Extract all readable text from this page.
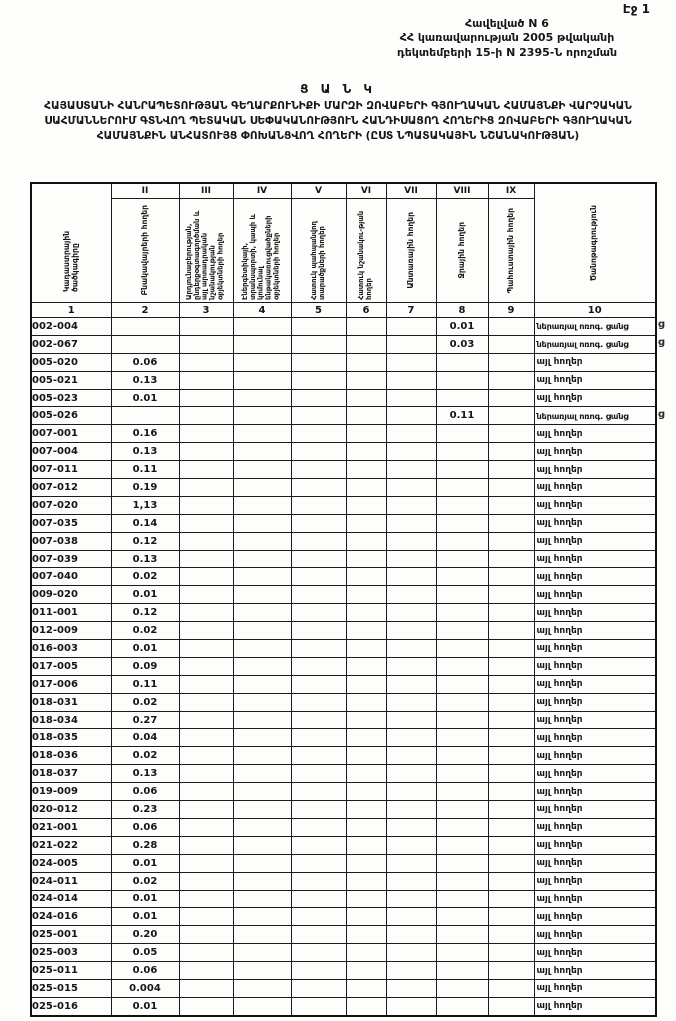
Էջ 1
Հավելված N 6
ՀՀ կառավարության 2005 թվականի
դեկտեմբերի 15-ի N 2395-Ն որոշման
Ց Ա Ն Կ
ՀԱՅԱՍՏԱՆԻ ՀԱՆՐԱՊԵՏՈՒԹՅԱՆ ԳԵՂԱՐՔՈՒՆԻՔԻ ՄԱՐԶԻ ԶՈՎԱԲԵՐԻ ԳՅՈՒՂԱԿԱՆ ՀԱՄԱՅՆՔԻ ՎԱՐՉԱԿԱՆ ՍԱՀՄԱՆՆԵՐՈՒՄ ԳՏՆՎՈՂ ՊԵՏԱԿԱՆ ՍԵՓԱԿԱՆՈՒԹՅՈՒՆ ՀԱՆԴԻՍԱՑՈՂ ՀՈՂԵՐԻՑ ԶՈՎԱԲԵՐԻ ԳՅՈՒՂԱԿԱՆ ՀԱՄԱՅՆՔԻՆ ԱՆՀԱՏՈՒՅՑ ՓՈԽԱՆՑՎՈՂ ՀՈՂԵՐԻ (ԸՍՏ ՆՊԱՏԱԿԱՅԻՆ ՆՇԱՆԱԿՈՒԹՅԱՆ)
Կադաստրային ծածկագիրը	II	III	IV	V	VI	VII	VIII	IX	Ծանոթագրություն

	Բնակավայրերի հողեր	Արդյունաբերության, ընդերքօգտագործման և այլ արտադրական նշանակության օբյեկտների հողեր	Էներգետիկայի, տրանսպորտի, կապի և կոմունալ ենթակառուցվածքների օբյեկտների հողեր	Հատուկ պահպանվող տարածքների հողեր	Հատուկ նշանակու-թյան հողեր	Անտառային հողեր	Ջրային հողեր	Պահուստային հողեր	

1	2	3	4	5	6	7	8	9	10
002-004							0.01		ներառյալ ոռոգ. ցանց
002-067							0.03		ներառյալ ոռոգ. ցանց
005-020	0.06								այլ հողեր
005-021	0.13								այլ հողեր
005-023	0.01								այլ հողեր
005-026							0.11		ներառյալ ոռոգ. ցանց
007-001	0.16								այլ հողեր
007-004	0.13								այլ հողեր
007-011	0.11								այլ հողեր
007-012	0.19								այլ հողեր
007-020	1,13								այլ հողեր
007-035	0.14								այլ հողեր
007-038	0.12								այլ հողեր
007-039	0.13								այլ հողեր
007-040	0.02								այլ հողեր
009-020	0.01								այլ հողեր
011-001	0.12								այլ հողեր
012-009	0.02								այլ հողեր
016-003	0.01								այլ հողեր
017-005	0.09								այլ հողեր
017-006	0.11								այլ հողեր
018-031	0.02								այլ հողեր
018-034	0.27								այլ հողեր
018-035	0.04								այլ հողեր
018-036	0.02								այլ հողեր
018-037	0.13								այլ հողեր
019-009	0.06								այլ հողեր
020-012	0.23								այլ հողեր
021-001	0.06								այլ հողեր
021-022	0.28								այլ հողեր
024-005	0.01								այլ հողեր
024-011	0.02								այլ հողեր
024-014	0.01								այլ հողեր
024-016	0.01								այլ հողեր
025-001	0.20								այլ հողեր
025-003	0.05								այլ հողեր
025-011	0.06								այլ հողեր
025-015	0.004								այլ հողեր
025-016	0.01								այլ հողեր
ց
ց
ց
